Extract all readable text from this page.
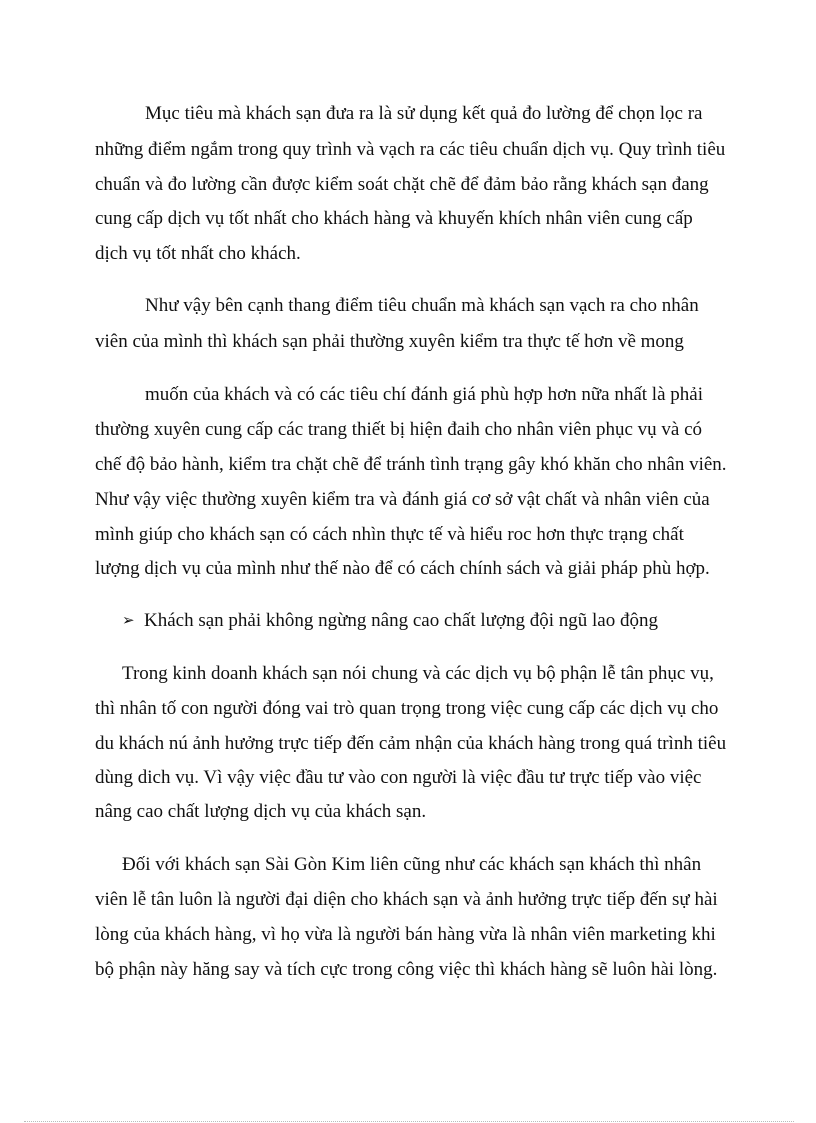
Mục tiêu mà khách sạn đưa ra là sử dụng kết quả đo lường để chọn lọc ra
những điểm ngắm trong quy trình và vạch ra các tiêu chuẩn dịch vụ. Quy trình tiêu
chuẩn và đo lường cần được kiểm soát chặt chẽ để đảm bảo rằng khách sạn đang
cung cấp dịch vụ tốt nhất cho khách hàng và khuyến khích nhân viên cung cấp
dịch vụ tốt nhất cho khách.
Như vậy bên cạnh thang điểm tiêu chuẩn mà khách sạn vạch ra cho nhân
viên của mình thì khách sạn phải thường xuyên kiểm tra thực tế hơn về mong
muốn của khách và có các tiêu chí đánh giá phù hợp hơn nữa nhất là phải
thường xuyên cung cấp các trang thiết bị hiện đaih cho nhân viên phục vụ và có
chế độ bảo hành, kiểm tra chặt chẽ để tránh tình trạng gây khó khăn cho nhân viên.
Như vậy việc thường xuyên kiểm tra và đánh giá cơ sở vật chất và nhân viên của
mình giúp cho khách sạn có cách nhìn thực tế và hiểu roc hơn thực trạng chất
lượng dịch vụ của mình như thế nào để có cách chính sách và giải pháp phù hợp.
➢ Khách sạn phải không ngừng nâng cao chất lượng đội ngũ lao động
Trong kinh doanh khách sạn nói chung và các dịch vụ bộ phận lễ tân phục vụ,
thì nhân tố con người đóng vai trò quan trọng trong việc cung cấp các dịch vụ cho
du khách nú ảnh hưởng trực tiếp đến cảm nhận của khách hàng trong quá trình tiêu
dùng dich vụ. Vì vậy việc đầu tư vào con người là việc đầu tư trực tiếp vào việc
nâng cao chất lượng dịch vụ của khách sạn.
Đối với khách sạn Sài Gòn Kim liên cũng như các khách sạn khách thì nhân
viên lễ tân luôn là người đại diện cho khách sạn và ảnh hưởng trực tiếp đến sự hài
lòng của khách hàng, vì họ vừa là người bán hàng vừa là nhân viên marketing khi
bộ phận này hăng say và tích cực trong công việc thì khách hàng sẽ luôn hài lòng.
